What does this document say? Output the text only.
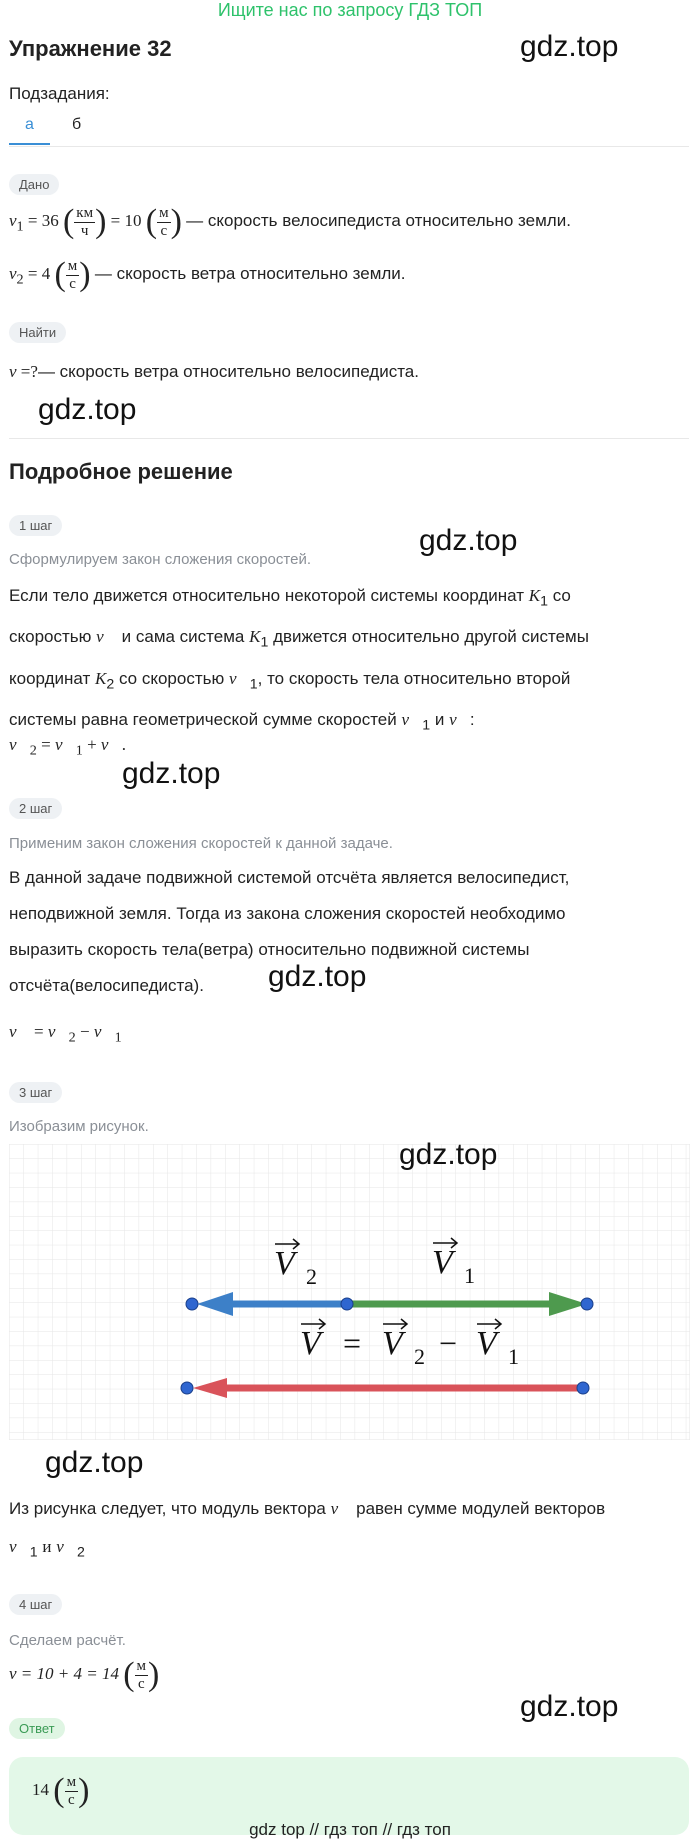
Ищите нас по запросу ГДЗ ТОП
Упражнение 32	gdz.top
Подзадания:
а б
Дано
$v_1 = 36$ ( $\frac{км}{ч}$ ) = 10 ( $\frac{м}{с}$ ) — скорость велосипедиста относительно земли.
$v_2 = 4$ ( $\frac{м}{с}$ ) — скорость ветра относительно земли.
Найти
v =?— скорость ветра относительно велосипедиста.
gdz.top
Подробное решение
1 шаг	gdz.top
Сформулируем закон сложения скоростей.
Если тело движется относительно некоторой системы координат $K_1$ со
скоростью v⃗ и сама система $K_1$ движется относительно другой системы
координат $K_2$ со скоростью $v⃗_1$, то скорость тела относительно второй
системы равна геометрической сумме скоростей $v⃗_1$ и v⃗:
$v⃗_2$ = $v⃗_1$ + v⃗.
gdz.top
2 шаг
Применим закон сложения скоростей к данной задаче.
В данной задаче подвижной системой отсчёта является велосипедист,
неподвижной земля. Тогда из закона сложения скоростей необходимо
выразить скорость тела(ветра) относительно подвижной системы
отсчёта(велосипедиста).	gdz.top
v⃗ = $v⃗_2$ − $v⃗_1$
3 шаг
Изобразим рисунок.
V 2	V 1
V = V 2 − V 1
gdz.top
gdz.top
Из рисунка следует, что модуль вектора v⃗ равен сумме модулей векторов
$v⃗_1$ и $v⃗_2$
4 шаг
Сделаем расчёт.
v = 10 + 4 = 14 ( $\frac{м}{с}$ )
gdz.top
Ответ
14 ( $\frac{м}{с}$ )
gdz top // гдз топ // гдз топ
